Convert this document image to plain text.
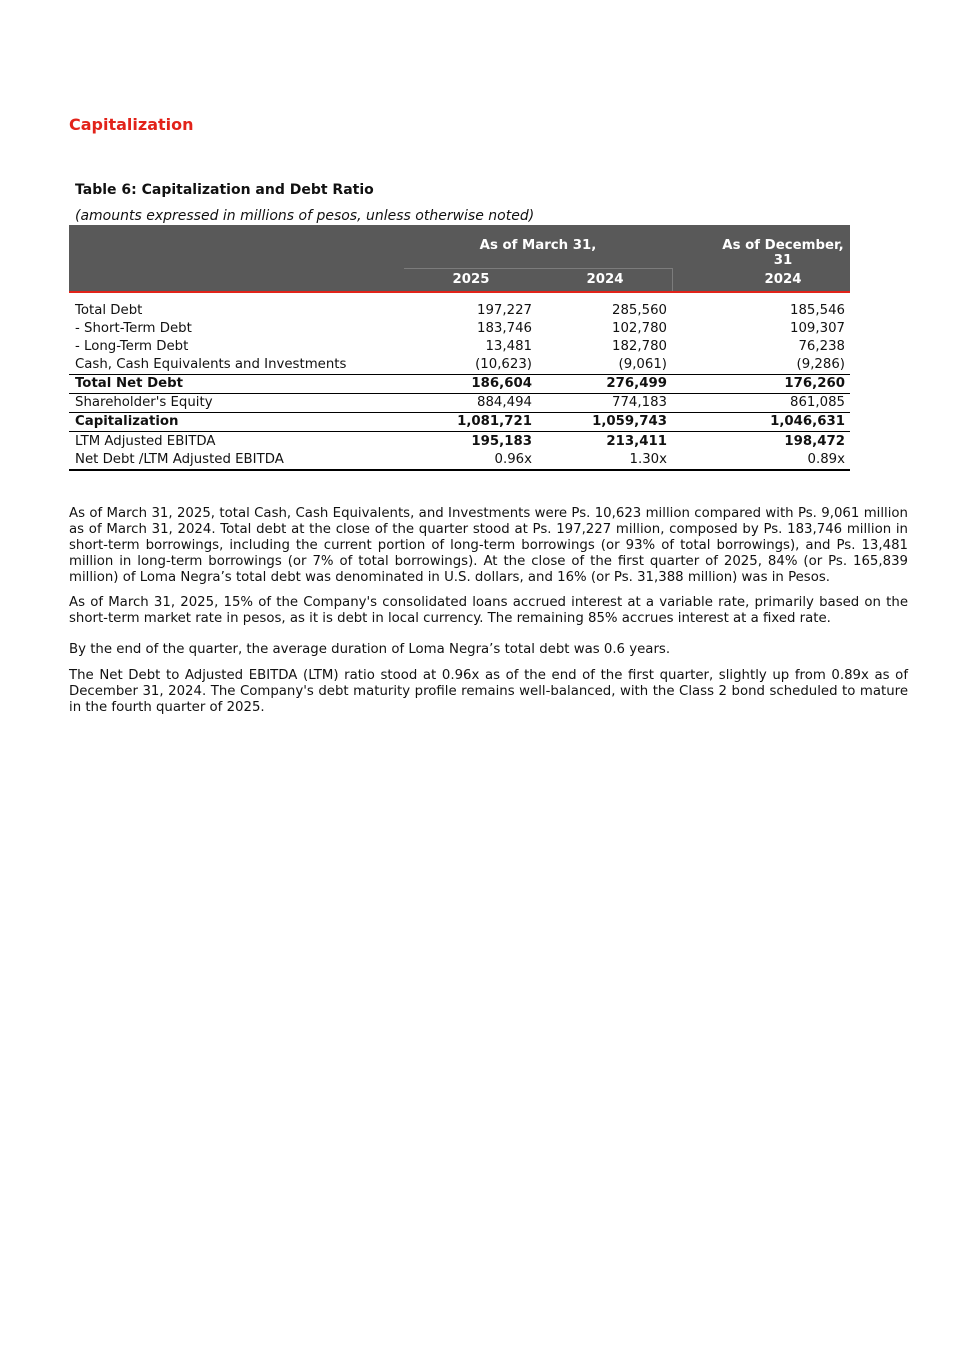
Capitalization
Table 6: Capitalization and Debt Ratio
(amounts expressed in millions of pesos, unless otherwise noted)
As of March 31,	As of December, 31
2025	2024	2024
Total Debt	197,227	285,560	185,546
- Short-Term Debt	183,746	102,780	109,307
- Long-Term Debt	13,481	182,780	76,238
Cash, Cash Equivalents and Investments	(10,623)	(9,061)	(9,286)
Total Net Debt	186,604	276,499	176,260
Shareholder's Equity	884,494	774,183	861,085
Capitalization	1,081,721	1,059,743	1,046,631
LTM Adjusted EBITDA	195,183	213,411	198,472
Net Debt /LTM Adjusted EBITDA	0.96x	1.30x	0.89x

As of March 31, 2025, total Cash, Cash Equivalents, and Investments were Ps. 10,623 million compared with Ps. 9,061 million as of March 31, 2024. Total debt at the close of the quarter stood at Ps. 197,227 million, composed by Ps. 183,746 million in short-term borrowings, including the current portion of long-term borrowings (or 93% of total borrowings), and Ps. 13,481 million in long-term borrowings (or 7% of total borrowings). At the close of the first quarter of 2025, 84% (or Ps. 165,839 million) of Loma Negra’s total debt was denominated in U.S. dollars, and 16% (or Ps. 31,388 million) was in Pesos.

As of March 31, 2025, 15% of the Company's consolidated loans accrued interest at a variable rate, primarily based on the short-term market rate in pesos, as it is debt in local currency. The remaining 85% accrues interest at a fixed rate.

By the end of the quarter, the average duration of Loma Negra’s total debt was 0.6 years.

The Net Debt to Adjusted EBITDA (LTM) ratio stood at 0.96x as of the end of the first quarter, slightly up from 0.89x as of December 31, 2024. The Company's debt maturity profile remains well-balanced, with the Class 2 bond scheduled to mature in the fourth quarter of 2025.
